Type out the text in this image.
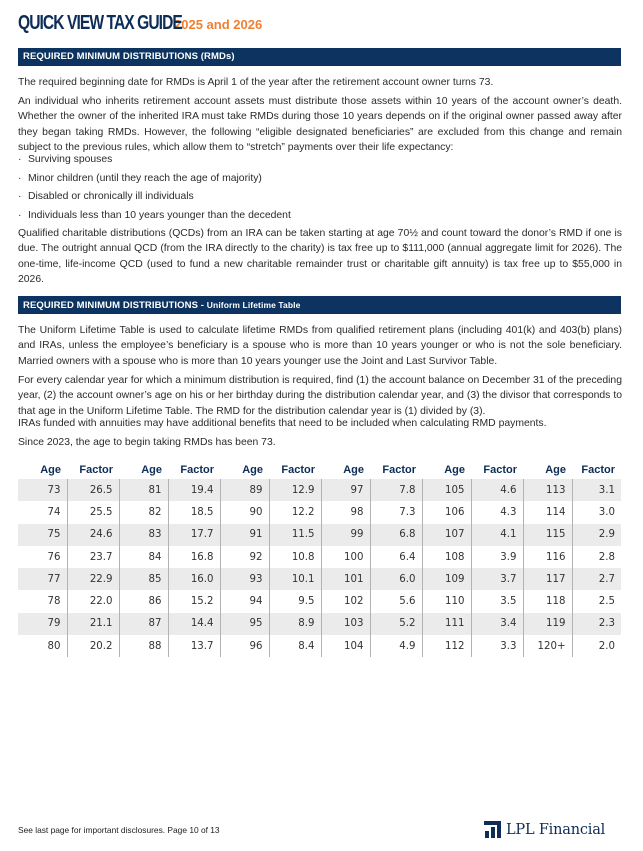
QUICK VIEW TAX GUIDE
2025 and 2026
REQUIRED MINIMUM DISTRIBUTIONS (RMDs)

The required beginning date for RMDs is April 1 of the year after the retirement account owner turns 73.

An individual who inherits retirement account assets must distribute those assets within 10 years of the account owner’s death. Whether the owner of the inherited IRA must take RMDs during those 10 years depends on if the original owner passed away after they began taking RMDs. However, the following “eligible designated beneficiaries” are excluded from this change and remain subject to the previous rules, which allow them to “stretch” payments over their life expectancy:

· Surviving spouses
· Minor children (until they reach the age of majority)
· Disabled or chronically ill individuals
· Individuals less than 10 years younger than the decedent

Qualified charitable distributions (QCDs) from an IRA can be taken starting at age 70½ and count toward the donor’s RMD if one is due. The outright annual QCD (from the IRA directly to the charity) is tax free up to $111,000 (annual aggregate limit for 2026). The one-time, life-income QCD (used to fund a new charitable remainder trust or charitable gift annuity) is tax free up to $55,000 in 2026.

REQUIRED MINIMUM DISTRIBUTIONS - Uniform Lifetime Table

The Uniform Lifetime Table is used to calculate lifetime RMDs from qualified retirement plans (including 401(k) and 403(b) plans) and IRAs, unless the employee’s beneficiary is a spouse who is more than 10 years younger or who is not the sole beneficiary. Married owners with a spouse who is more than 10 years younger use the Joint and Last Survivor Table.

For every calendar year for which a minimum distribution is required, find (1) the account balance on December 31 of the preceding year, (2) the account owner’s age on his or her birthday during the distribution calendar year, and (3) the divisor that corresponds to that age in the Uniform Lifetime Table. The RMD for the distribution calendar year is (1) divided by (3).

IRAs funded with annuities may have additional benefits that need to be included when calculating RMD payments.

Since 2023, the age to begin taking RMDs has been 73.

Age	Factor	Age	Factor	Age	Factor	Age	Factor	Age	Factor	Age	Factor
73	26.5	81	19.4	89	12.9	97	7.8	105	4.6	113	3.1
74	25.5	82	18.5	90	12.2	98	7.3	106	4.3	114	3.0
75	24.6	83	17.7	91	11.5	99	6.8	107	4.1	115	2.9
76	23.7	84	16.8	92	10.8	100	6.4	108	3.9	116	2.8
77	22.9	85	16.0	93	10.1	101	6.0	109	3.7	117	2.7
78	22.0	86	15.2	94	9.5	102	5.6	110	3.5	118	2.5
79	21.1	87	14.4	95	8.9	103	5.2	111	3.4	119	2.3
80	20.2	88	13.7	96	8.4	104	4.9	112	3.3	120+	2.0
See last page for important disclosures. Page 10 of 13	LPL Financial
